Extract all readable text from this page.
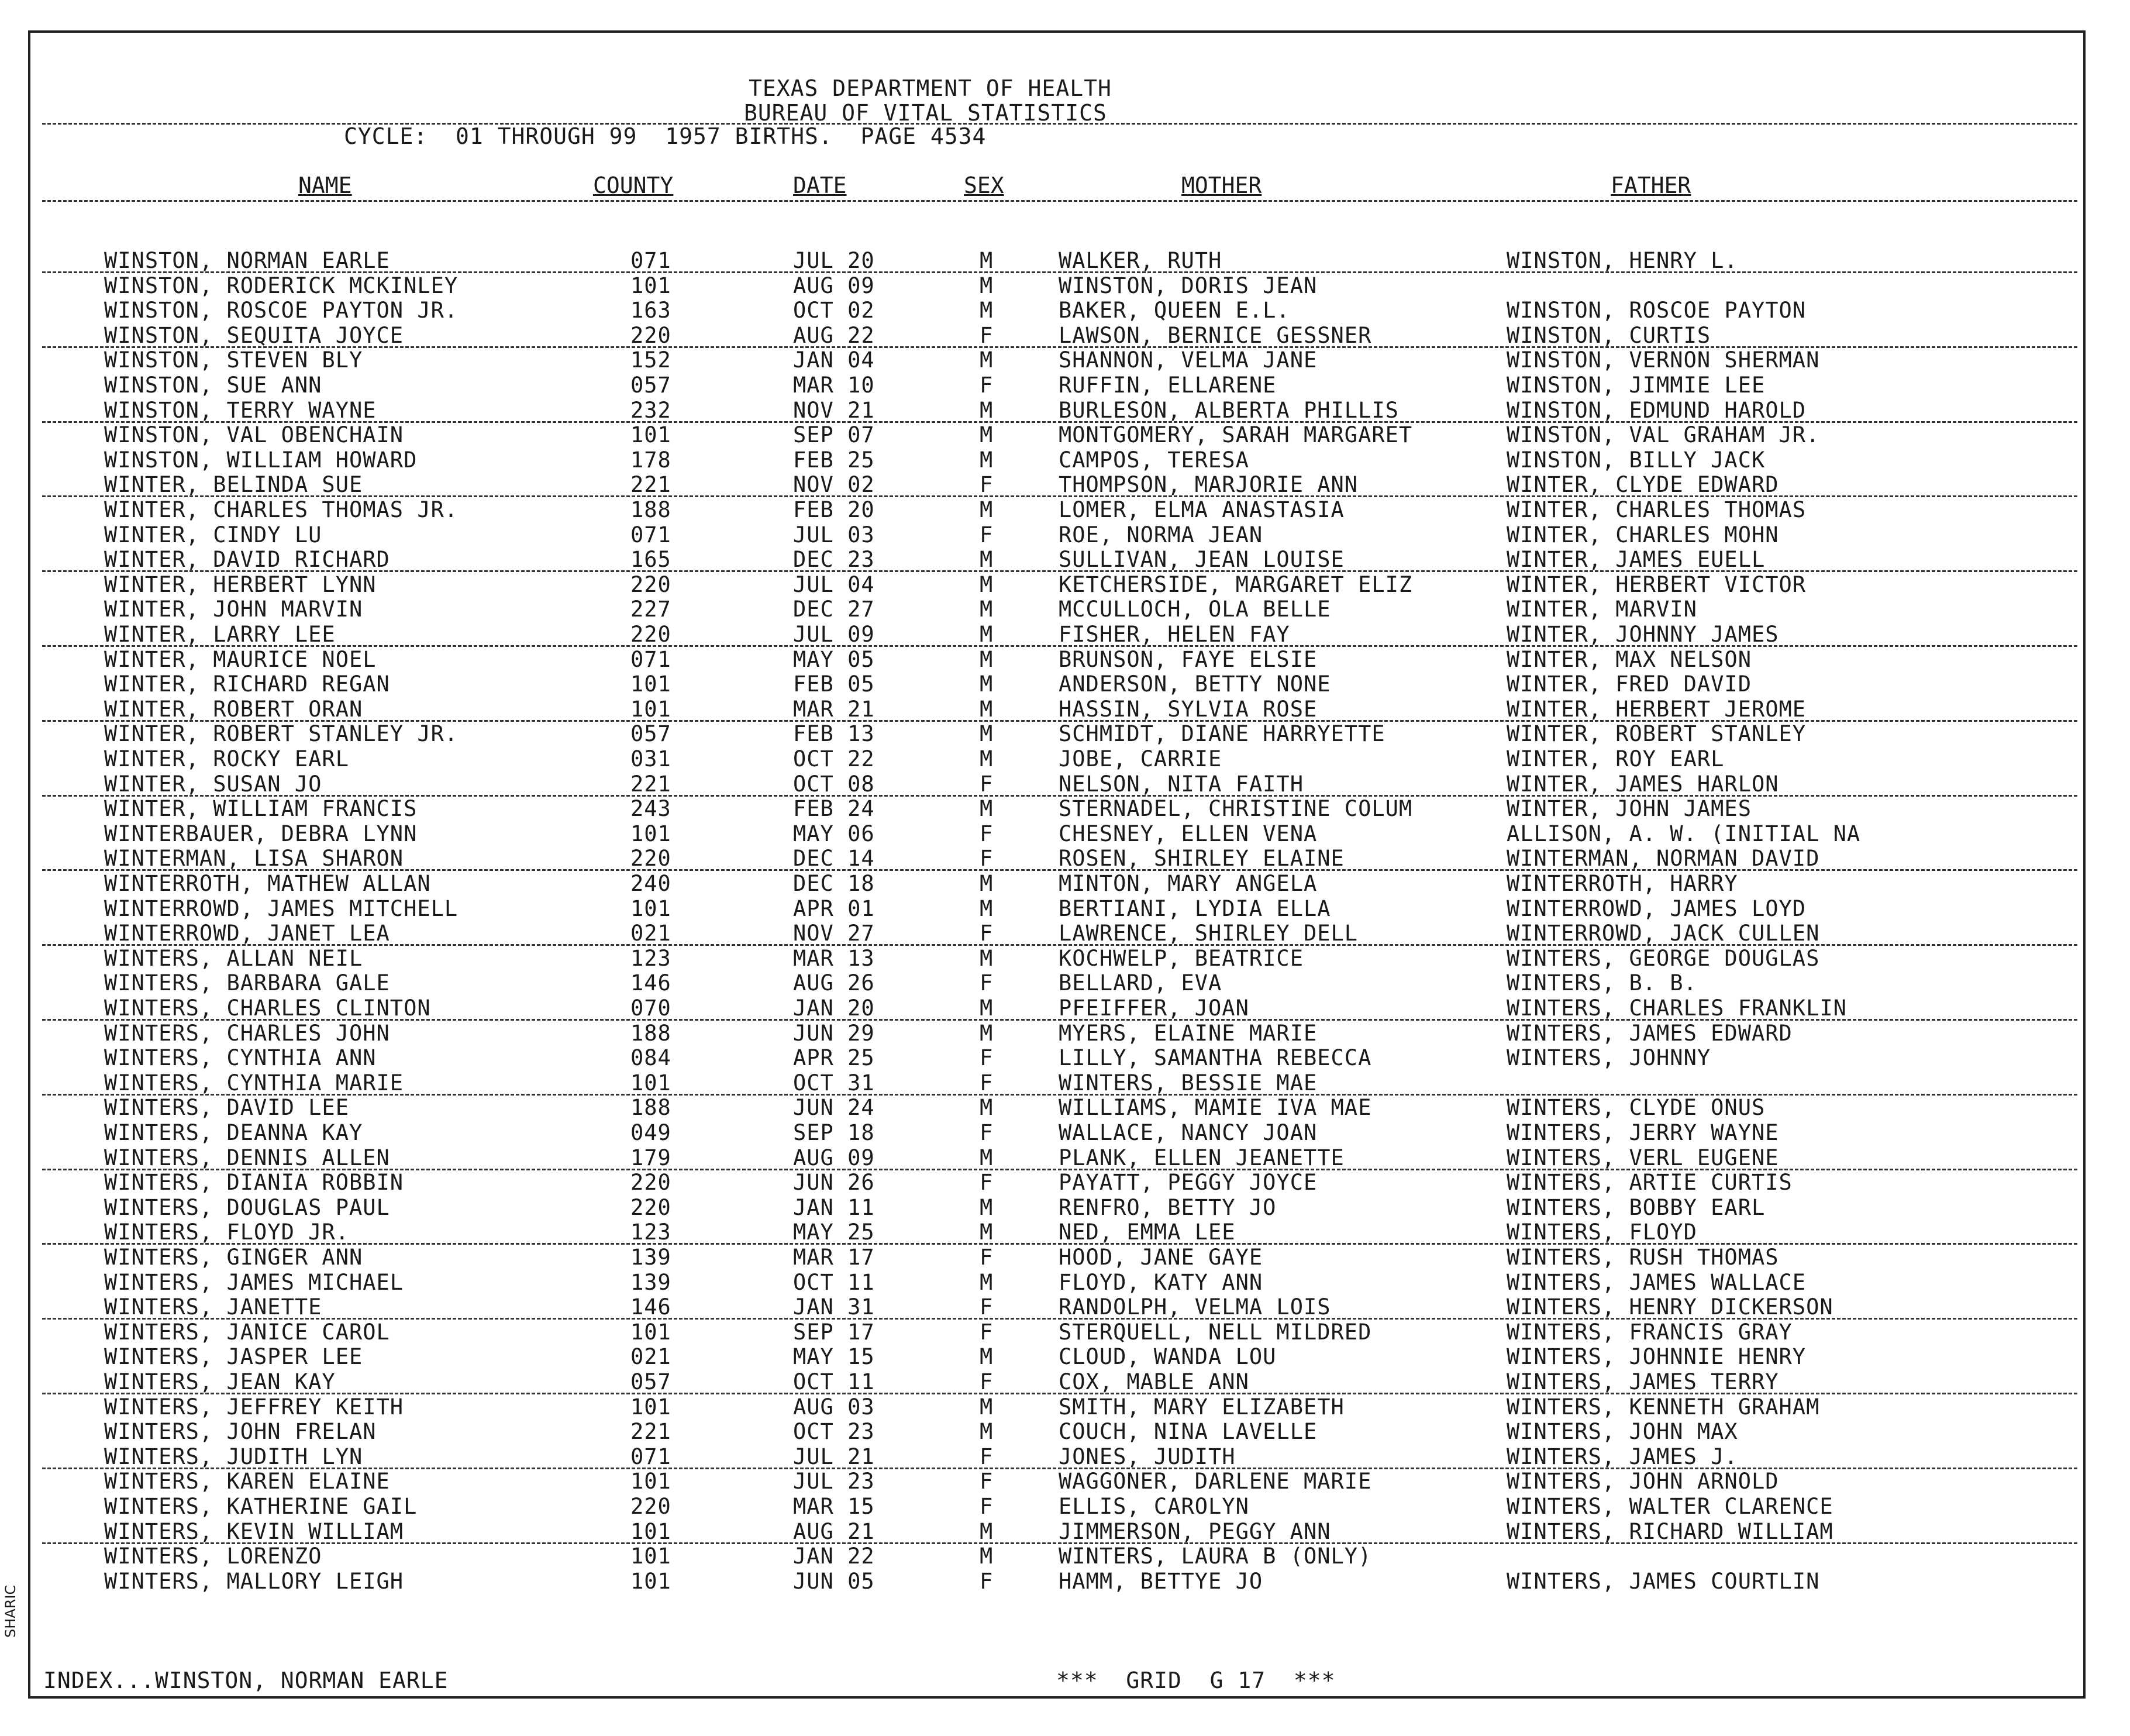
TEXAS DEPARTMENT OF HEALTH
BUREAU OF VITAL STATISTICS
CYCLE:  01 THROUGH 99  1957 BIRTHS.  PAGE 4534
NAME	COUNTY	DATE	SEX	MOTHER	FATHER
WINSTON, NORMAN EARLE	071	JUL 20	M	WALKER, RUTH	WINSTON, HENRY L.
WINSTON, RODERICK MCKINLEY	101	AUG 09	M	WINSTON, DORIS JEAN
WINSTON, ROSCOE PAYTON JR.	163	OCT 02	M	BAKER, QUEEN E.L.	WINSTON, ROSCOE PAYTON
WINSTON, SEQUITA JOYCE	220	AUG 22	F	LAWSON, BERNICE GESSNER	WINSTON, CURTIS
WINSTON, STEVEN BLY	152	JAN 04	M	SHANNON, VELMA JANE	WINSTON, VERNON SHERMAN
WINSTON, SUE ANN	057	MAR 10	F	RUFFIN, ELLARENE	WINSTON, JIMMIE LEE
WINSTON, TERRY WAYNE	232	NOV 21	M	BURLESON, ALBERTA PHILLIS	WINSTON, EDMUND HAROLD
WINSTON, VAL OBENCHAIN	101	SEP 07	M	MONTGOMERY, SARAH MARGARET	WINSTON, VAL GRAHAM JR.
WINSTON, WILLIAM HOWARD	178	FEB 25	M	CAMPOS, TERESA	WINSTON, BILLY JACK
WINTER, BELINDA SUE	221	NOV 02	F	THOMPSON, MARJORIE ANN	WINTER, CLYDE EDWARD
WINTER, CHARLES THOMAS JR.	188	FEB 20	M	LOMER, ELMA ANASTASIA	WINTER, CHARLES THOMAS
WINTER, CINDY LU	071	JUL 03	F	ROE, NORMA JEAN	WINTER, CHARLES MOHN
WINTER, DAVID RICHARD	165	DEC 23	M	SULLIVAN, JEAN LOUISE	WINTER, JAMES EUELL
WINTER, HERBERT LYNN	220	JUL 04	M	KETCHERSIDE, MARGARET ELIZ	WINTER, HERBERT VICTOR
WINTER, JOHN MARVIN	227	DEC 27	M	MCCULLOCH, OLA BELLE	WINTER, MARVIN
WINTER, LARRY LEE	220	JUL 09	M	FISHER, HELEN FAY	WINTER, JOHNNY JAMES
WINTER, MAURICE NOEL	071	MAY 05	M	BRUNSON, FAYE ELSIE	WINTER, MAX NELSON
WINTER, RICHARD REGAN	101	FEB 05	M	ANDERSON, BETTY NONE	WINTER, FRED DAVID
WINTER, ROBERT ORAN	101	MAR 21	M	HASSIN, SYLVIA ROSE	WINTER, HERBERT JEROME
WINTER, ROBERT STANLEY JR.	057	FEB 13	M	SCHMIDT, DIANE HARRYETTE	WINTER, ROBERT STANLEY
WINTER, ROCKY EARL	031	OCT 22	M	JOBE, CARRIE	WINTER, ROY EARL
WINTER, SUSAN JO	221	OCT 08	F	NELSON, NITA FAITH	WINTER, JAMES HARLON
WINTER, WILLIAM FRANCIS	243	FEB 24	M	STERNADEL, CHRISTINE COLUM	WINTER, JOHN JAMES
WINTERBAUER, DEBRA LYNN	101	MAY 06	F	CHESNEY, ELLEN VENA	ALLISON, A. W. (INITIAL NA
WINTERMAN, LISA SHARON	220	DEC 14	F	ROSEN, SHIRLEY ELAINE	WINTERMAN, NORMAN DAVID
WINTERROTH, MATHEW ALLAN	240	DEC 18	M	MINTON, MARY ANGELA	WINTERROTH, HARRY
WINTERROWD, JAMES MITCHELL	101	APR 01	M	BERTIANI, LYDIA ELLA	WINTERROWD, JAMES LOYD
WINTERROWD, JANET LEA	021	NOV 27	F	LAWRENCE, SHIRLEY DELL	WINTERROWD, JACK CULLEN
WINTERS, ALLAN NEIL	123	MAR 13	M	KOCHWELP, BEATRICE	WINTERS, GEORGE DOUGLAS
WINTERS, BARBARA GALE	146	AUG 26	F	BELLARD, EVA	WINTERS, B. B.
WINTERS, CHARLES CLINTON	070	JAN 20	M	PFEIFFER, JOAN	WINTERS, CHARLES FRANKLIN
WINTERS, CHARLES JOHN	188	JUN 29	M	MYERS, ELAINE MARIE	WINTERS, JAMES EDWARD
WINTERS, CYNTHIA ANN	084	APR 25	F	LILLY, SAMANTHA REBECCA	WINTERS, JOHNNY
WINTERS, CYNTHIA MARIE	101	OCT 31	F	WINTERS, BESSIE MAE
WINTERS, DAVID LEE	188	JUN 24	M	WILLIAMS, MAMIE IVA MAE	WINTERS, CLYDE ONUS
WINTERS, DEANNA KAY	049	SEP 18	F	WALLACE, NANCY JOAN	WINTERS, JERRY WAYNE
WINTERS, DENNIS ALLEN	179	AUG 09	M	PLANK, ELLEN JEANETTE	WINTERS, VERL EUGENE
WINTERS, DIANIA ROBBIN	220	JUN 26	F	PAYATT, PEGGY JOYCE	WINTERS, ARTIE CURTIS
WINTERS, DOUGLAS PAUL	220	JAN 11	M	RENFRO, BETTY JO	WINTERS, BOBBY EARL
WINTERS, FLOYD JR.	123	MAY 25	M	NED, EMMA LEE	WINTERS, FLOYD
WINTERS, GINGER ANN	139	MAR 17	F	HOOD, JANE GAYE	WINTERS, RUSH THOMAS
WINTERS, JAMES MICHAEL	139	OCT 11	M	FLOYD, KATY ANN	WINTERS, JAMES WALLACE
WINTERS, JANETTE	146	JAN 31	F	RANDOLPH, VELMA LOIS	WINTERS, HENRY DICKERSON
WINTERS, JANICE CAROL	101	SEP 17	F	STERQUELL, NELL MILDRED	WINTERS, FRANCIS GRAY
WINTERS, JASPER LEE	021	MAY 15	M	CLOUD, WANDA LOU	WINTERS, JOHNNIE HENRY
WINTERS, JEAN KAY	057	OCT 11	F	COX, MABLE ANN	WINTERS, JAMES TERRY
WINTERS, JEFFREY KEITH	101	AUG 03	M	SMITH, MARY ELIZABETH	WINTERS, KENNETH GRAHAM
WINTERS, JOHN FRELAN	221	OCT 23	M	COUCH, NINA LAVELLE	WINTERS, JOHN MAX
WINTERS, JUDITH LYN	071	JUL 21	F	JONES, JUDITH	WINTERS, JAMES J.
WINTERS, KAREN ELAINE	101	JUL 23	F	WAGGONER, DARLENE MARIE	WINTERS, JOHN ARNOLD
WINTERS, KATHERINE GAIL	220	MAR 15	F	ELLIS, CAROLYN	WINTERS, WALTER CLARENCE
WINTERS, KEVIN WILLIAM	101	AUG 21	M	JIMMERSON, PEGGY ANN	WINTERS, RICHARD WILLIAM
WINTERS, LORENZO	101	JAN 22	M	WINTERS, LAURA B (ONLY)
WINTERS, MALLORY LEIGH	101	JUN 05	F	HAMM, BETTYE JO	WINTERS, JAMES COURTLIN
INDEX...WINSTON, NORMAN EARLE	***  GRID  G 17  ***
SHARIC
